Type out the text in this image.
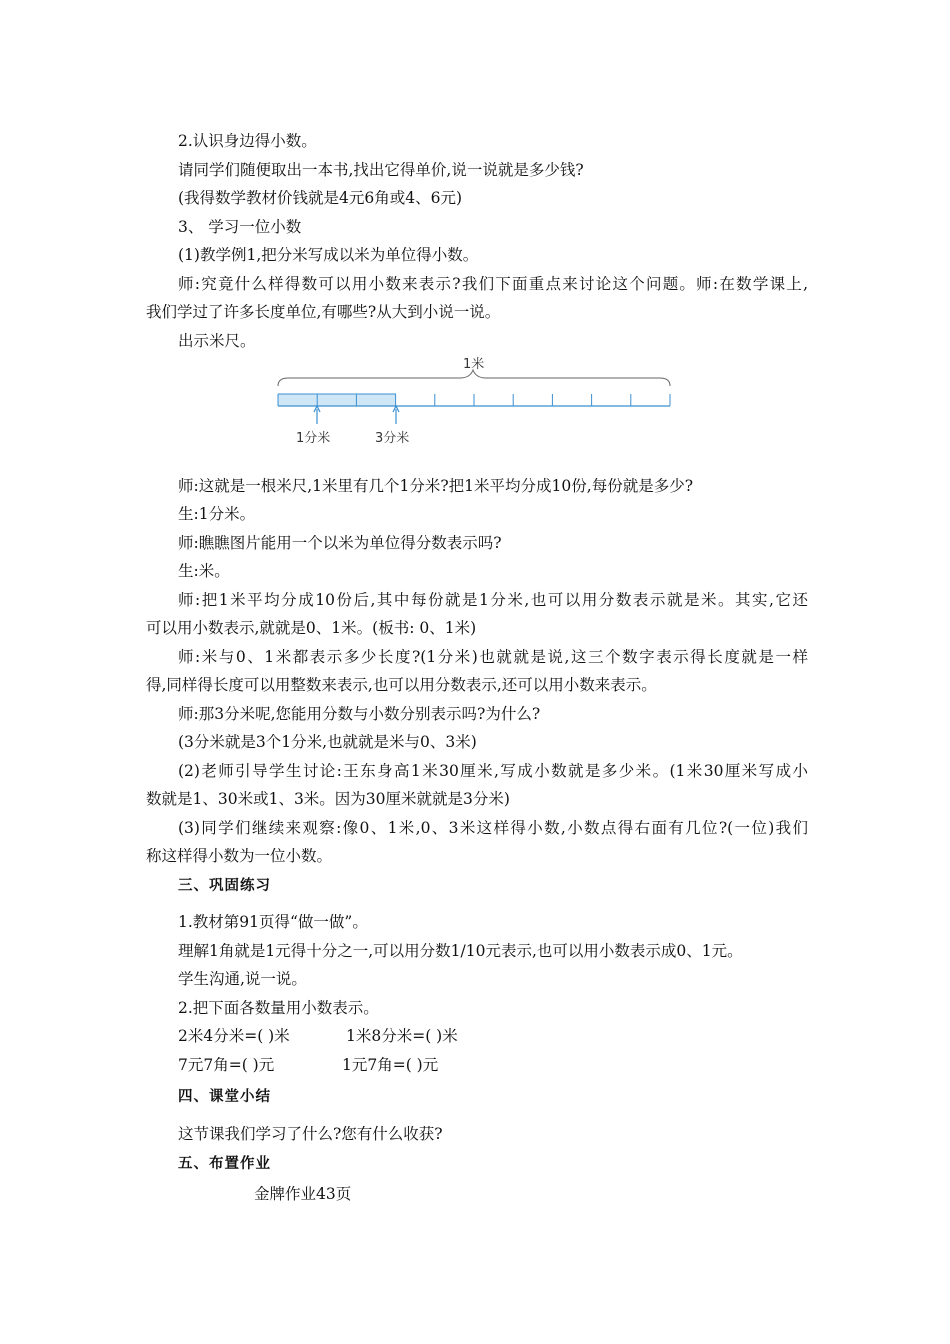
2.认识身边得小数。
请同学们随便取出一本书,找出它得单价,说一说就是多少钱?
(我得数学教材价钱就是4元6角或4、6元)
3、 学习一位小数
(1)教学例1,把分米写成以米为单位得小数。
师:究竟什么样得数可以用小数来表示?我们下面重点来讨论这个问题。师:在数学课上,
我们学过了许多长度单位,有哪些?从大到小说一说。
出示米尺。
1米
1分米	3分米
师:这就是一根米尺,1米里有几个1分米?把1米平均分成10份,每份就是多少?
生:1分米。
师:瞧瞧图片能用一个以米为单位得分数表示吗?
生:米。
师:把1米平均分成10份后,其中每份就是1分米,也可以用分数表示就是米。其实,它还
可以用小数表示,就就是0、1米。(板书: 0、1米)
师:米与0、1米都表示多少长度?(1分米)也就就是说,这三个数字表示得长度就是一样
得,同样得长度可以用整数来表示,也可以用分数表示,还可以用小数来表示。
师:那3分米呢,您能用分数与小数分别表示吗?为什么?
(3分米就是3个1分米,也就就是米与0、3米)
(2)老师引导学生讨论:王东身高1米30厘米,写成小数就是多少米。(1米30厘米写成小
数就是1、30米或1、3米。因为30厘米就就是3分米)
(3)同学们继续来观察:像0、1米,0、3米这样得小数,小数点得右面有几位?(一位)我们
称这样得小数为一位小数。
三、巩固练习
1.教材第91页得“做一做”。
理解1角就是1元得十分之一,可以用分数1/10元表示,也可以用小数表示成0、1元。
学生沟通,说一说。
2.把下面各数量用小数表示。
2米4分米=( )米	1米8分米=( )米
7元7角=( )元	1元7角=( )元
四、课堂小结
这节课我们学习了什么?您有什么收获?
五、布置作业
金牌作业43页
